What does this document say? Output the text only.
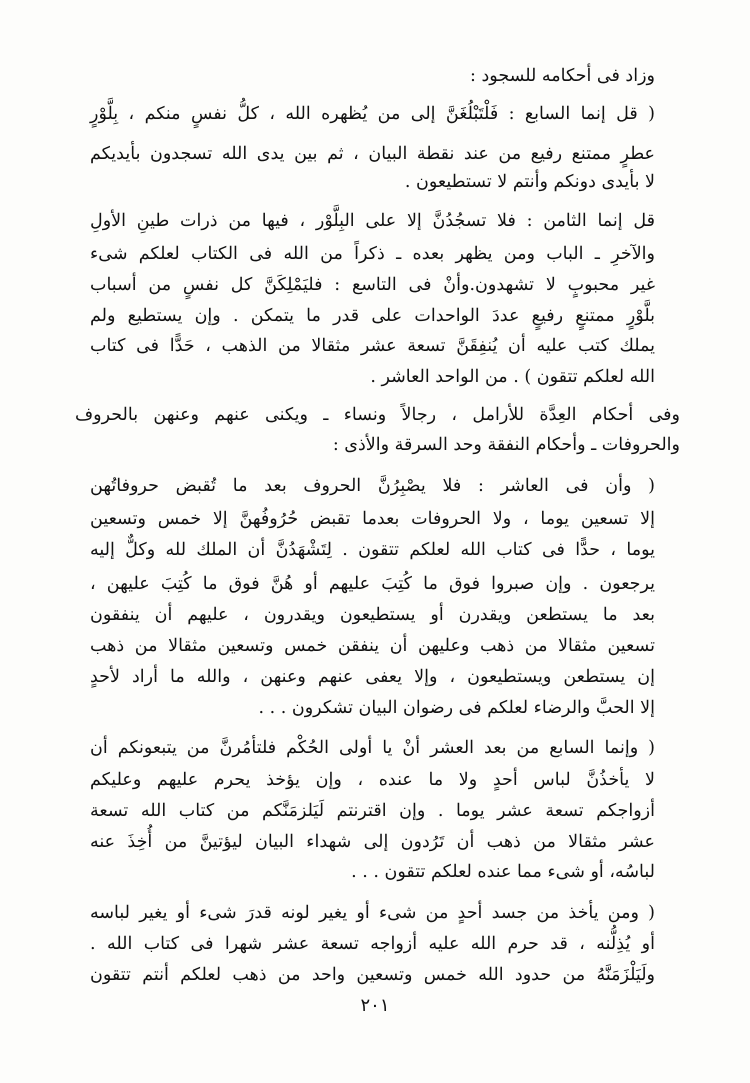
وزاد فى أحكامه للسجود :
( قل إنما السابع : فَلْتَبْلُغَنَّ إلى من يُظهره الله ، كلُّ نفسٍ منكم ، بِلَّوْرٍ
عطرٍ ممتنع رفيع من عند نقطة البيان ، ثم بين يدى الله تسجدون بأيديكم
لا بأيدى دونكم وأنتم لا تستطيعون .
قل إنما الثامن : فلا تسجُدُنَّ إلا على البِلَّوْر ، فيها من ذرات طينِ الأولِ
والآخرِ ـ الباب ومن يظهر بعده ـ ذكراً من الله فى الكتاب لعلكم شىء
غير محبوبٍ لا تشهدون.وأنْ فى التاسع : فليَمْلِكَنَّ كل نفسٍ من أسباب
بلَّوْرٍ ممتنعٍ رفيعٍ عددَ الواحدات على قدر ما يتمكن . وإن يستطيع ولم
يملك كتب عليه أن يُنفِقَنَّ تسعة عشر مثقالا من الذهب ، حَدًّا فى كتاب
الله لعلكم تتقون ) . من الواحد العاشر .
وفى أحكام العِدَّة للأرامل ، رجالاً ونساء ـ ويكنى عنهم وعنهن بالحروف
والحروفات ـ وأحكام النفقة وحد السرقة والأذى :
( وأن فى العاشر : فلا يصْبِرُنَّ الحروف بعد ما تُقبض حروفاتُهن
إلا تسعين يوما ، ولا الحروفات بعدما تقبض حُرُوفُهنَّ إلا خمس وتسعين
يوما ، حدًّا فى كتاب الله لعلكم تتقون . لِتَشْهَدُنَّ أن الملك لله وكلٌّ إليه
يرجعون . وإن صبروا فوق ما كُتِبَ عليهم أو هُنَّ فوق ما كُتِبَ عليهن ،
بعد ما يستطعن ويقدرن أو يستطيعون ويقدرون ، عليهم أن ينفقون
تسعين مثقالا من ذهب وعليهن أن ينفقن خمس وتسعين مثقالا من ذهب
إن يستطعن ويستطيعون ، وإلا يعفى عنهم وعنهن ، والله ما أراد لأحدٍ
إلا الحبَّ والرضاء لعلكم فى رضوان البيان تشكرون . . .
( وإنما السابع من بعد العشر أنْ يا أولى الحُكْم فلتأمُرنَّ من يتبعونكم أن
لا يأخذُنَّ لباس أحدٍ ولا ما عنده ، وإن يؤخذ يحرم عليهم وعليكم
أزواجكم تسعة عشر يوما . وإن اقترنتم لَيَلزمَنَّكم من كتاب الله تسعة
عشر مثقالا من ذهب أن تَرُدون إلى شهداء البيان ليؤتينَّ من أُخِذَ عنه
لباسُه، أو شىء مما عنده لعلكم تتقون . . .
( ومن يأخذ من جسد أحدٍ من شىء أو يغير لونه قدرَ شىء أو يغير لباسه
أو يُذِلُّنه ، قد حرم الله عليه أزواجه تسعة عشر شهرا فى كتاب الله .
ولَيَلْزَمَنَّهُ من حدود الله خمس وتسعين واحد من ذهب لعلكم أنتم تتقون
٢٠١
